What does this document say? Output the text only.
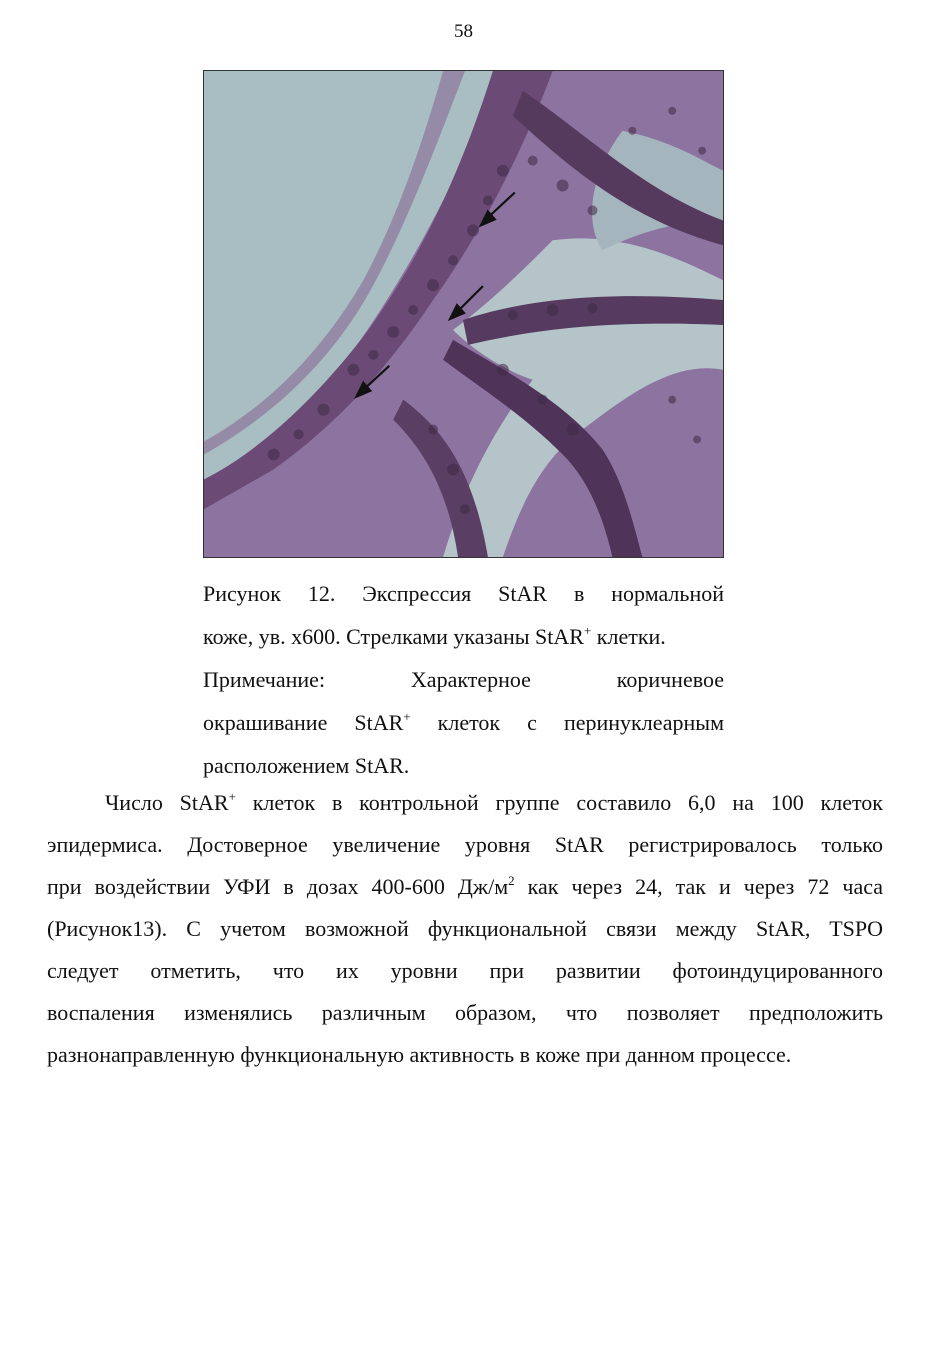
58
Рисунок 12. Экспрессия StAR в нормальной
коже, ув. х600. Стрелками указаны StAR+ клетки.
Примечание: Характерное коричневое
окрашивание StAR+ клеток с перинуклеарным
расположением StAR.
Число StAR+ клеток в контрольной группе составило 6,0 на 100 клеток
эпидермиса. Достоверное увеличение уровня StAR регистрировалось только
при воздействии УФИ в дозах 400-600 $Дж/м^2$ как через 24, так и через 72 часа
(Рисунок13). С учетом возможной функциональной связи между StAR, TSPO
следует отметить, что их уровни при развитии фотоиндуцированного
воспаления изменялись различным образом, что позволяет предположить
разнонаправленную функциональную активность в коже при данном процессе.
